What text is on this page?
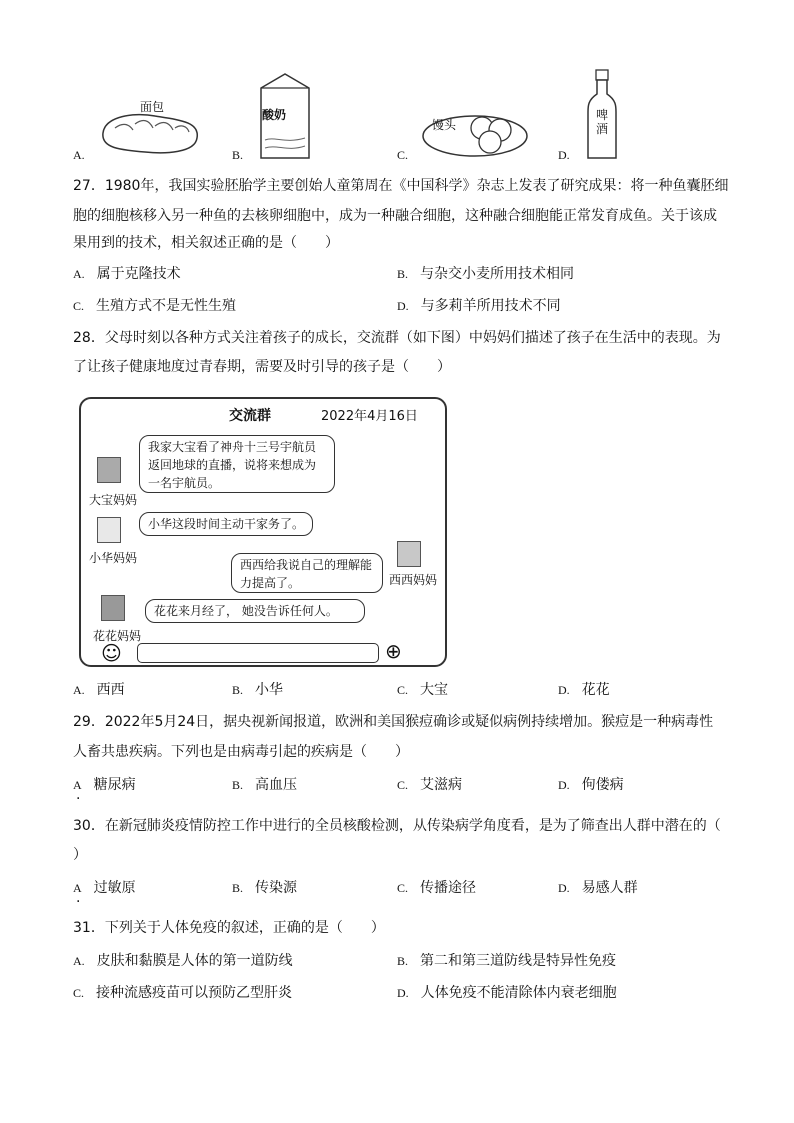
面包
A.
酸奶
B.
馒头
C.
啤酒
D.
27．1980年，我国实验胚胎学主要创始人童第周在《中国科学》杂志上发表了研究成果：将一种鱼囊胚细
胞的细胞核移入另一种鱼的去核卵细胞中，成为一种融合细胞，这种融合细胞能正常发育成鱼。关于该成
果用到的技术，相关叙述正确的是（　　）
A. 属于克隆技术	B. 与杂交小麦所用技术相同
C. 生殖方式不是无性生殖	D. 与多莉羊所用技术不同
28．父母时刻以各种方式关注着孩子的成长，交流群（如下图）中妈妈们描述了孩子在生活中的表现。为
了让孩子健康地度过青春期，需要及时引导的孩子是（　　）
交流群	2022年4月16日
我家大宝看了神舟十三号宇航员
返回地球的直播，说将来想成为
一名宇航员。
大宝妈妈
小华这段时间主动干家务了。
小华妈妈	西西给我说自己的理解能
力提高了。	西西妈妈
花花来月经了， 她没告诉任何人。
花花妈妈
☺	⊕
A. 西西	B. 小华	C. 大宝	D. 花花
29．2022年5月24日，据央视新闻报道，欧洲和美国猴痘确诊或疑似病例持续增加。猴痘是一种病毒性
人畜共患疾病。下列也是由病毒引起的疾病是（　　）
A 糖尿病
·
B. 高血压	C. 艾滋病	D. 佝偻病
30．在新冠肺炎疫情防控工作中进行的全员核酸检测，从传染病学角度看，是为了筛查出人群中潜在的（
）
A 过敏原
·
B. 传染源	C. 传播途径	D. 易感人群
31．下列关于人体免疫的叙述，正确的是（　　）
A. 皮肤和黏膜是人体的第一道防线	B. 第二和第三道防线是特异性免疫
C. 接种流感疫苗可以预防乙型肝炎	D. 人体免疫不能清除体内衰老细胞
